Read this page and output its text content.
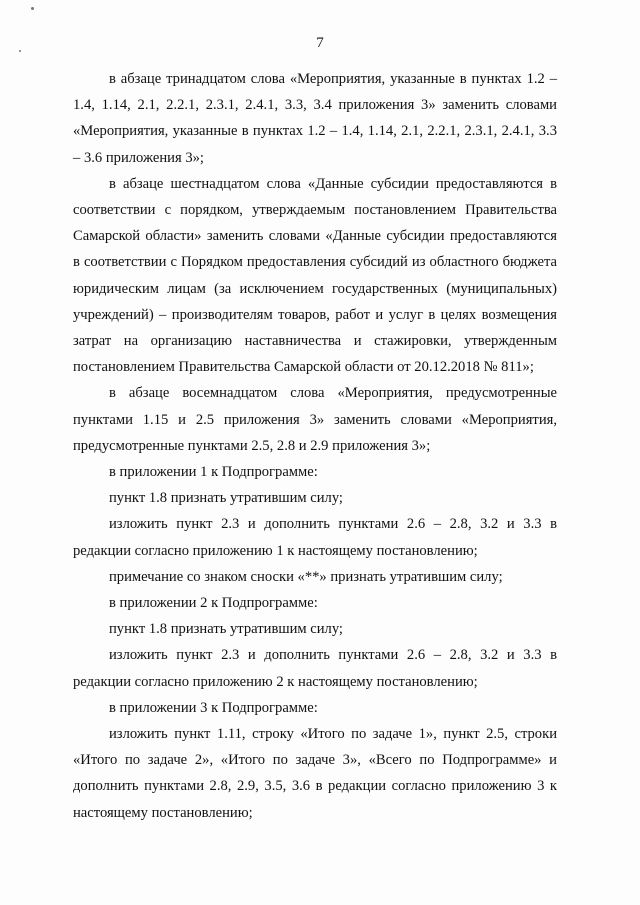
7

в абзаце тринадцатом слова «Мероприятия, указанные в пунктах 1.2 – 1.4, 1.14, 2.1, 2.2.1, 2.3.1, 2.4.1, 3.3, 3.4 приложения 3» заменить словами «Мероприятия, указанные в пунктах 1.2 – 1.4, 1.14, 2.1, 2.2.1, 2.3.1, 2.4.1, 3.3 – 3.6 приложения 3»;

в абзаце шестнадцатом слова «Данные субсидии предоставляются в соответствии с порядком, утверждаемым постановлением Правительства Самарской области» заменить словами «Данные субсидии предоставляются в соответствии с Порядком предоставления субсидий из областного бюджета юридическим лицам (за исключением государственных (муниципальных) учреждений) – производителям товаров, работ и услуг в целях возмещения затрат на организацию наставничества и стажировки, утвержденным постановлением Правительства Самарской области от 20.12.2018 № 811»;

в абзаце восемнадцатом слова «Мероприятия, предусмотренные пунктами 1.15 и 2.5 приложения 3» заменить словами «Мероприятия, предусмотренные пунктами 2.5, 2.8 и 2.9 приложения 3»;

в приложении 1 к Подпрограмме:

пункт 1.8 признать утратившим силу;

изложить пункт 2.3 и дополнить пунктами 2.6 – 2.8, 3.2 и 3.3 в редакции согласно приложению 1 к настоящему постановлению;

примечание со знаком сноски «**» признать утратившим силу;

в приложении 2 к Подпрограмме:

пункт 1.8 признать утратившим силу;

изложить пункт 2.3 и дополнить пунктами 2.6 – 2.8, 3.2 и 3.3 в редакции согласно приложению 2 к настоящему постановлению;

в приложении 3 к Подпрограмме:

изложить пункт 1.11, строку «Итого по задаче 1», пункт 2.5, строки «Итого по задаче 2», «Итого по задаче 3», «Всего по Подпрограмме» и дополнить пунктами 2.8, 2.9, 3.5, 3.6 в редакции согласно приложению 3 к настоящему постановлению;
